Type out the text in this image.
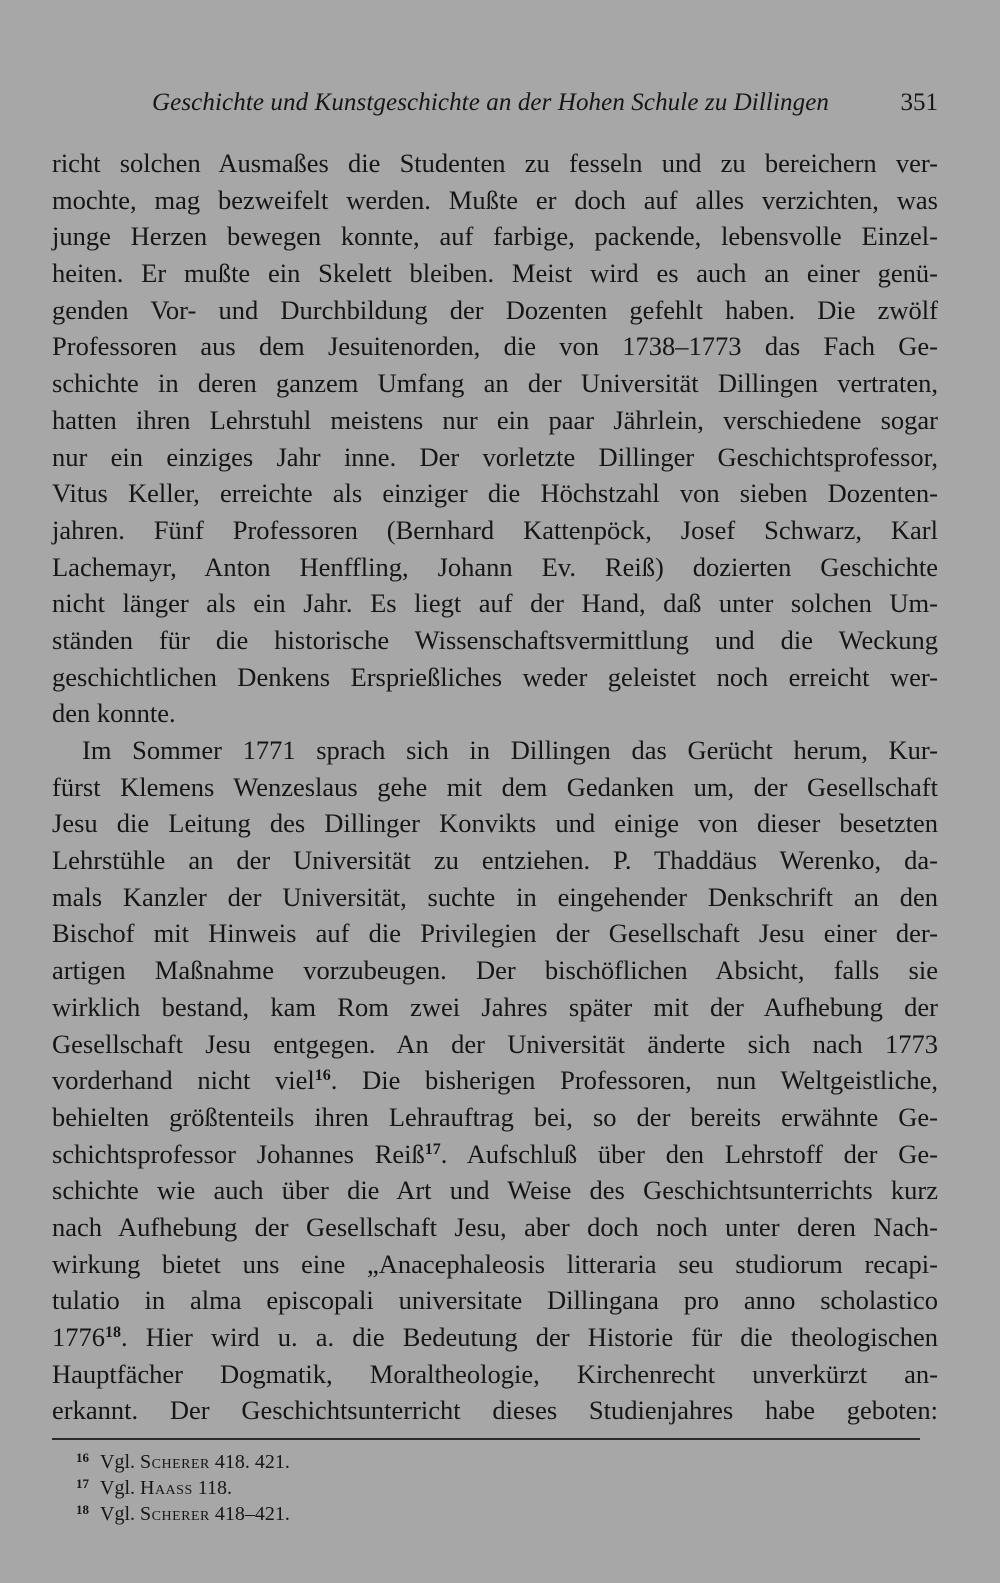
Geschichte und Kunstgeschichte an der Hohen Schule zu Dillingen	351
richt solchen Ausmaßes die Studenten zu fesseln und zu bereichern ver-
mochte, mag bezweifelt werden. Mußte er doch auf alles verzichten, was
junge Herzen bewegen konnte, auf farbige, packende, lebensvolle Einzel-
heiten. Er mußte ein Skelett bleiben. Meist wird es auch an einer genü-
genden Vor- und Durchbildung der Dozenten gefehlt haben. Die zwölf
Professoren aus dem Jesuitenorden, die von 1738–1773 das Fach Ge-
schichte in deren ganzem Umfang an der Universität Dillingen vertraten,
hatten ihren Lehrstuhl meistens nur ein paar Jährlein, verschiedene sogar
nur ein einziges Jahr inne. Der vorletzte Dillinger Geschichtsprofessor,
Vitus Keller, erreichte als einziger die Höchstzahl von sieben Dozenten-
jahren. Fünf Professoren (Bernhard Kattenpöck, Josef Schwarz, Karl
Lachemayr, Anton Henffling, Johann Ev. Reiß) dozierten Geschichte
nicht länger als ein Jahr. Es liegt auf der Hand, daß unter solchen Um-
ständen für die historische Wissenschaftsvermittlung und die Weckung
geschichtlichen Denkens Ersprießliches weder geleistet noch erreicht wer-
den konnte.
Im Sommer 1771 sprach sich in Dillingen das Gerücht herum, Kur-
fürst Klemens Wenzeslaus gehe mit dem Gedanken um, der Gesellschaft
Jesu die Leitung des Dillinger Konvikts und einige von dieser besetzten
Lehrstühle an der Universität zu entziehen. P. Thaddäus Werenko, da-
mals Kanzler der Universität, suchte in eingehender Denkschrift an den
Bischof mit Hinweis auf die Privilegien der Gesellschaft Jesu einer der-
artigen Maßnahme vorzubeugen. Der bischöflichen Absicht, falls sie
wirklich bestand, kam Rom zwei Jahres später mit der Aufhebung der
Gesellschaft Jesu entgegen. An der Universität änderte sich nach 1773
vorderhand nicht viel$^{16}$. Die bisherigen Professoren, nun Weltgeistliche,
behielten größtenteils ihren Lehrauftrag bei, so der bereits erwähnte Ge-
schichtsprofessor Johannes Reiß$^{17}$. Aufschluß über den Lehrstoff der Ge-
schichte wie auch über die Art und Weise des Geschichtsunterrichts kurz
nach Aufhebung der Gesellschaft Jesu, aber doch noch unter deren Nach-
wirkung bietet uns eine „Anacephaleosis litteraria seu studiorum recapi-
tulatio in alma episcopali universitate Dillingana pro anno scholastico
1776$^{18}$. Hier wird u. a. die Bedeutung der Historie für die theologischen
Hauptfächer Dogmatik, Moraltheologie, Kirchenrecht unverkürzt an-
erkannt. Der Geschichtsunterricht dieses Studienjahres habe geboten:
16 Vgl. Scherer 418. 421.
17 Vgl. Haass 118.
18 Vgl. Scherer 418–421.
